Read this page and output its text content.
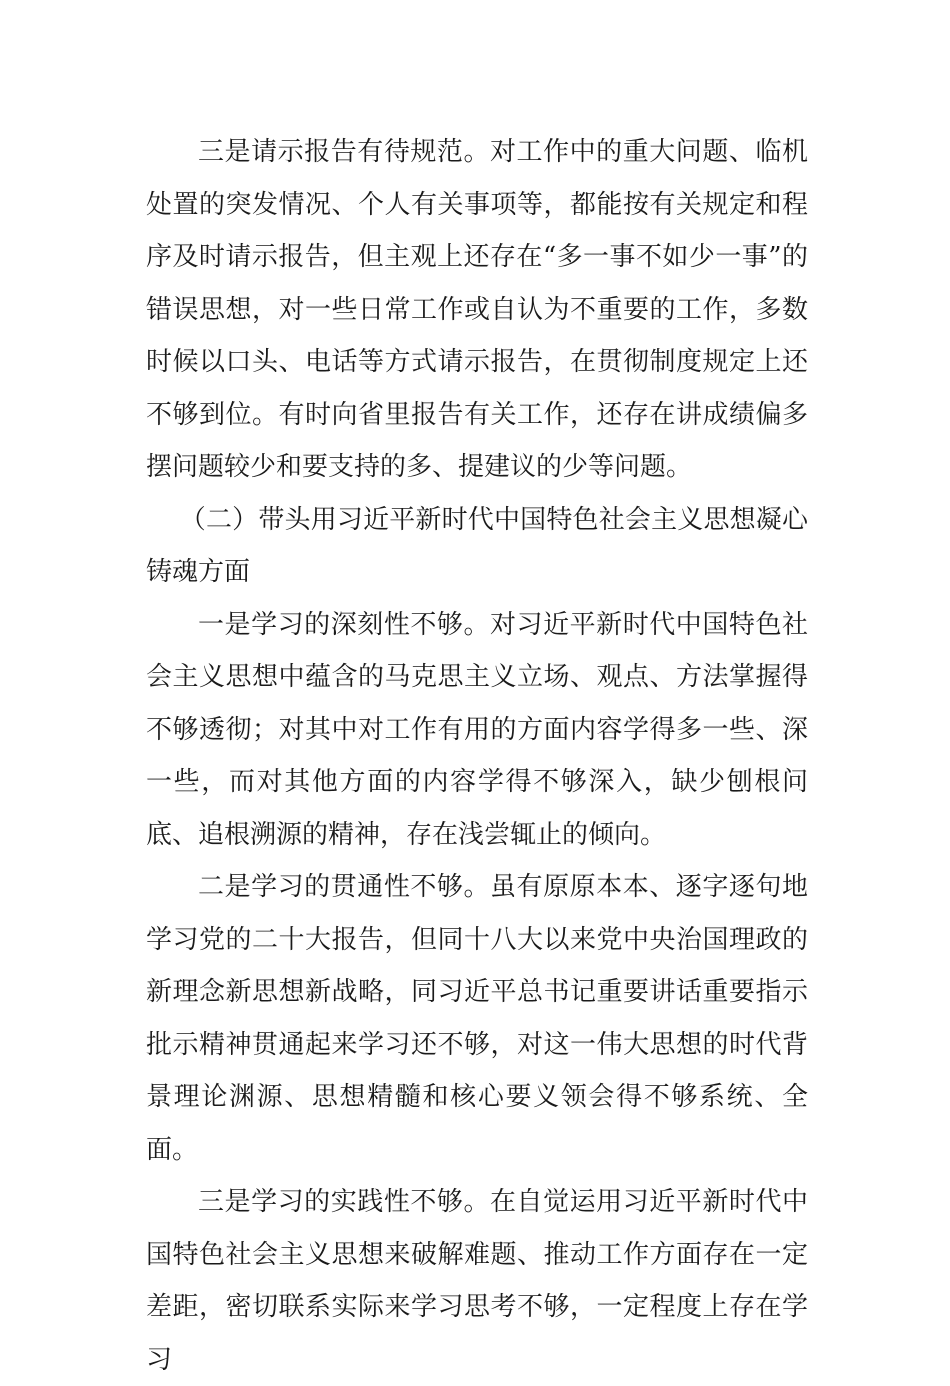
三是请示报告有待规范。对工作中的重大问题、临机处置的突发情况、个人有关事项等，都能按有关规定和程序及时请示报告，但主观上还存在“多一事不如少一事”的错误思想，对一些日常工作或自认为不重要的工作，多数时候以口头、电话等方式请示报告，在贯彻制度规定上还不够到位。有时向省里报告有关工作，还存在讲成绩偏多摆问题较少和要支持的多、提建议的少等问题。

（二）带头用习近平新时代中国特色社会主义思想凝心铸魂方面

一是学习的深刻性不够。对习近平新时代中国特色社会主义思想中蕴含的马克思主义立场、观点、方法掌握得不够透彻；对其中对工作有用的方面内容学得多一些、深一些，而对其他方面的内容学得不够深入，缺少刨根问底、追根溯源的精神，存在浅尝辄止的倾向。

二是学习的贯通性不够。虽有原原本本、逐字逐句地学习党的二十大报告，但同十八大以来党中央治国理政的新理念新思想新战略，同习近平总书记重要讲话重要指示批示精神贯通起来学习还不够，对这一伟大思想的时代背景理论渊源、思想精髓和核心要义领会得不够系统、全面。

三是学习的实践性不够。在自觉运用习近平新时代中国特色社会主义思想来破解难题、推动工作方面存在一定差距，密切联系实际来学习思考不够，一定程度上存在学习
